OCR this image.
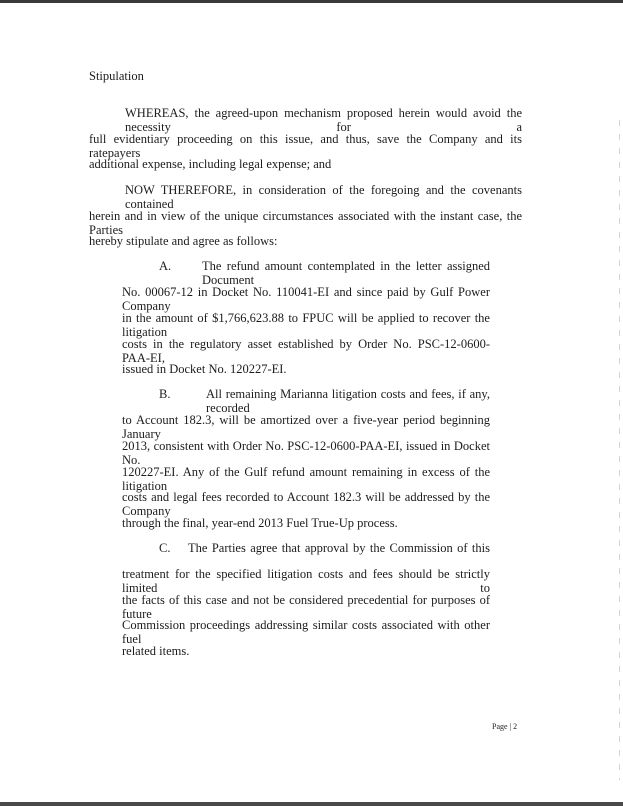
Stipulation
WHEREAS, the agreed-upon mechanism proposed herein would avoid the necessity for a
full evidentiary proceeding on this issue, and thus, save the Company and its ratepayers
additional expense, including legal expense; and
NOW THEREFORE, in consideration of the foregoing and the covenants contained
herein and in view of the unique circumstances associated with the instant case, the Parties
hereby stipulate and agree as follows:
A. The refund amount contemplated in the letter assigned Document
No. 00067-12 in Docket No. 110041-EI and since paid by Gulf Power Company
in the amount of $1,766,623.88 to FPUC will be applied to recover the litigation
costs in the regulatory asset established by Order No. PSC-12-0600-PAA-EI,
issued in Docket No. 120227-EI.
B.	All remaining Marianna litigation costs and fees, if any, recorded
to Account 182.3, will be amortized over a five-year period beginning January
2013, consistent with Order No. PSC-12-0600-PAA-EI, issued in Docket No.
120227-EI. Any of the Gulf refund amount remaining in excess of the litigation
costs and legal fees recorded to Account 182.3 will be addressed by the Company
through the final, year-end 2013 Fuel True-Up process.
C. The Parties agree that approval by the Commission of this
treatment for the specified litigation costs and fees should be strictly limited to
the facts of this case and not be considered precedential for purposes of future
Commission proceedings addressing similar costs associated with other fuel
related items.
Page | 2
